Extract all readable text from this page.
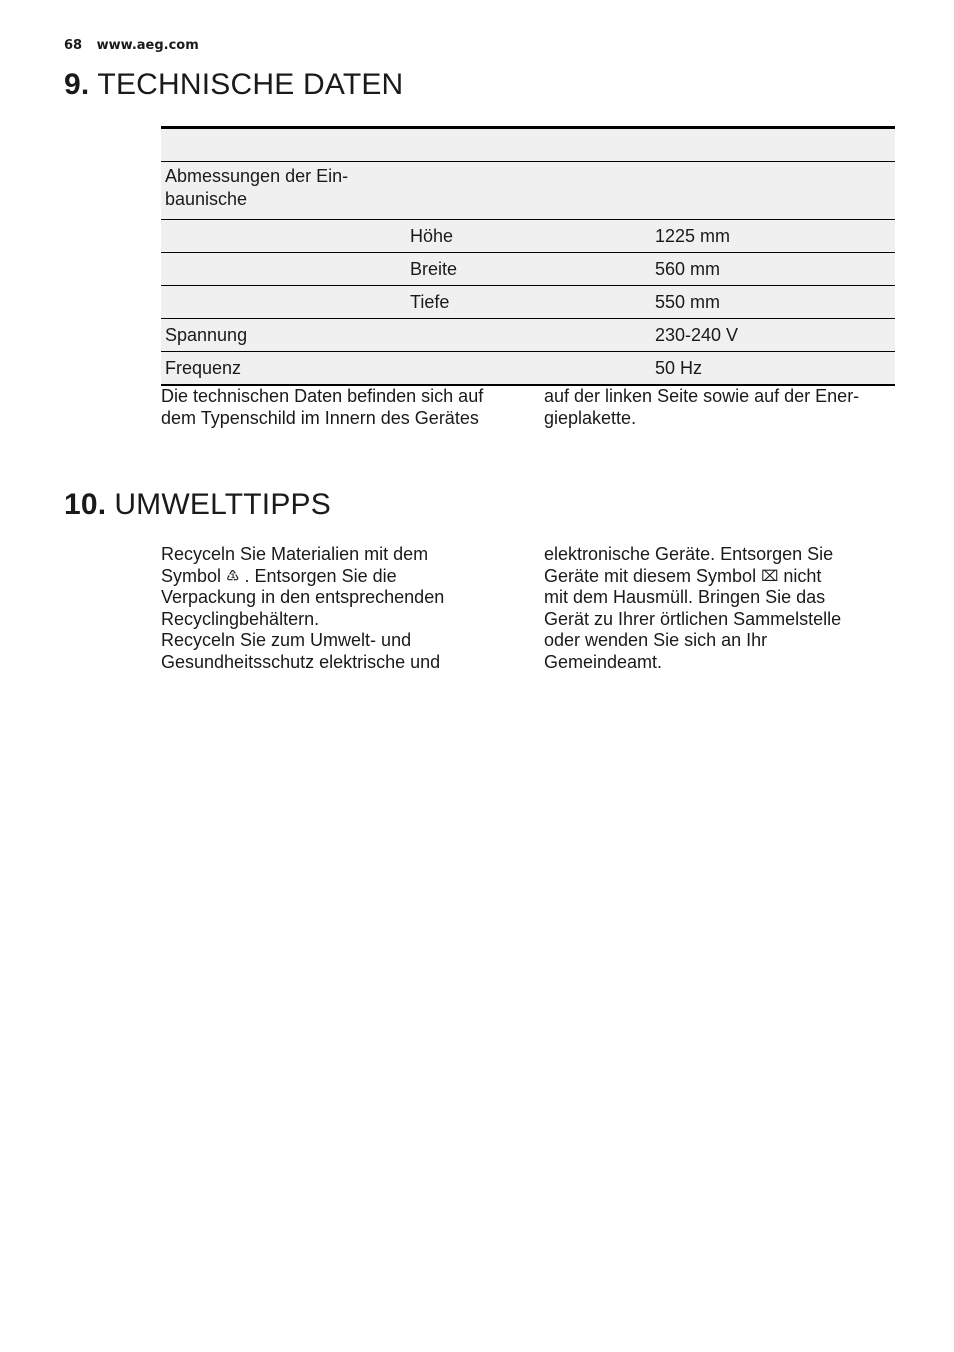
68 www.aeg.com
9. TECHNISCHE DATEN

Abmessungen der Ein-
baunische		

	Höhe	1225 mm
	Breite	560 mm
	Tiefe	550 mm
Spannung		230-240 V
Frequenz		50 Hz
Die technischen Daten befinden sich auf
dem Typenschild im Innern des Gerätes
auf der linken Seite sowie auf der Ener-
gieplakette.
10. UMWELTTIPPS
Recyceln Sie Materialien mit dem
Symbol ♳ . Entsorgen Sie die
Verpackung in den entsprechenden
Recyclingbehältern.
Recyceln Sie zum Umwelt- und
Gesundheitsschutz elektrische und
elektronische Geräte. Entsorgen Sie
Geräte mit diesem Symbol ⌧ nicht
mit dem Hausmüll. Bringen Sie das
Gerät zu Ihrer örtlichen Sammelstelle
oder wenden Sie sich an Ihr
Gemeindeamt.
